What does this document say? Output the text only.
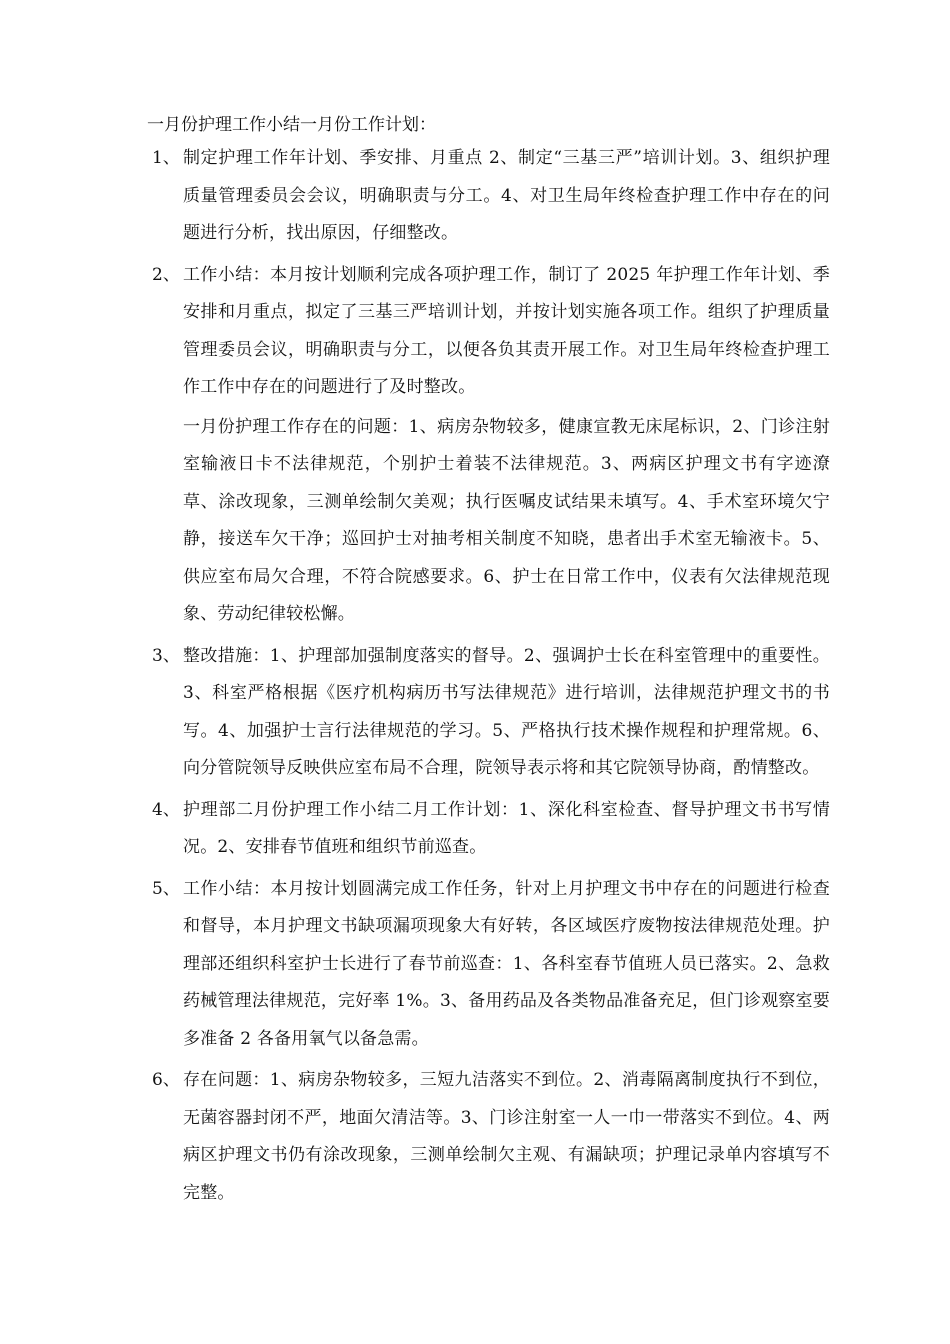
一月份护理工作小结一月份工作计划：
1、 制定护理工作年计划、季安排、月重点 2、制定“三基三严”培训计划。3、组织护理质量管理委员会会议，明确职责与分工。4、对卫生局年终检查护理工作中存在的问题进行分析，找出原因，仔细整改。

2、 工作小结：本月按计划顺利完成各项护理工作，制订了 2025 年护理工作年计划、季安排和月重点，拟定了三基三严培训计划，并按计划实施各项工作。组织了护理质量管理委员会议，明确职责与分工，以便各负其责开展工作。对卫生局年终检查护理工作工作中存在的问题进行了及时整改。

一月份护理工作存在的问题：1、病房杂物较多，健康宣教无床尾标识，2、门诊注射室输液日卡不法律规范，个别护士着装不法律规范。3、两病区护理文书有字迹潦草、涂改现象，三测单绘制欠美观；执行医嘱皮试结果未填写。4、手术室环境欠宁静，接送车欠干净；巡回护士对抽考相关制度不知晓，患者出手术室无输液卡。5、供应室布局欠合理，不符合院感要求。6、护士在日常工作中，仪表有欠法律规范现象、劳动纪律较松懈。

3、 整改措施：1、护理部加强制度落实的督导。2、强调护士长在科室管理中的重要性。3、科室严格根据《医疗机构病历书写法律规范》进行培训，法律规范护理文书的书写。4、加强护士言行法律规范的学习。5、严格执行技术操作规程和护理常规。6、向分管院领导反映供应室布局不合理，院领导表示将和其它院领导协商，酌情整改。

4、 护理部二月份护理工作小结二月工作计划：1、深化科室检查、督导护理文书书写情况。2、安排春节值班和组织节前巡查。

5、 工作小结：本月按计划圆满完成工作任务，针对上月护理文书中存在的问题进行检查和督导，本月护理文书缺项漏项现象大有好转，各区域医疗废物按法律规范处理。护理部还组织科室护士长进行了春节前巡查：1、各科室春节值班人员已落实。2、急救药械管理法律规范，完好率 1%。3、备用药品及各类物品准备充足，但门诊观察室要多准备 2 各备用氧气以备急需。

6、 存在问题：1、病房杂物较多，三短九洁落实不到位。2、消毒隔离制度执行不到位，无菌容器封闭不严，地面欠清洁等。3、门诊注射室一人一巾一带落实不到位。4、两病区护理文书仍有涂改现象，三测单绘制欠主观、有漏缺项；护理记录单内容填写不完整。
